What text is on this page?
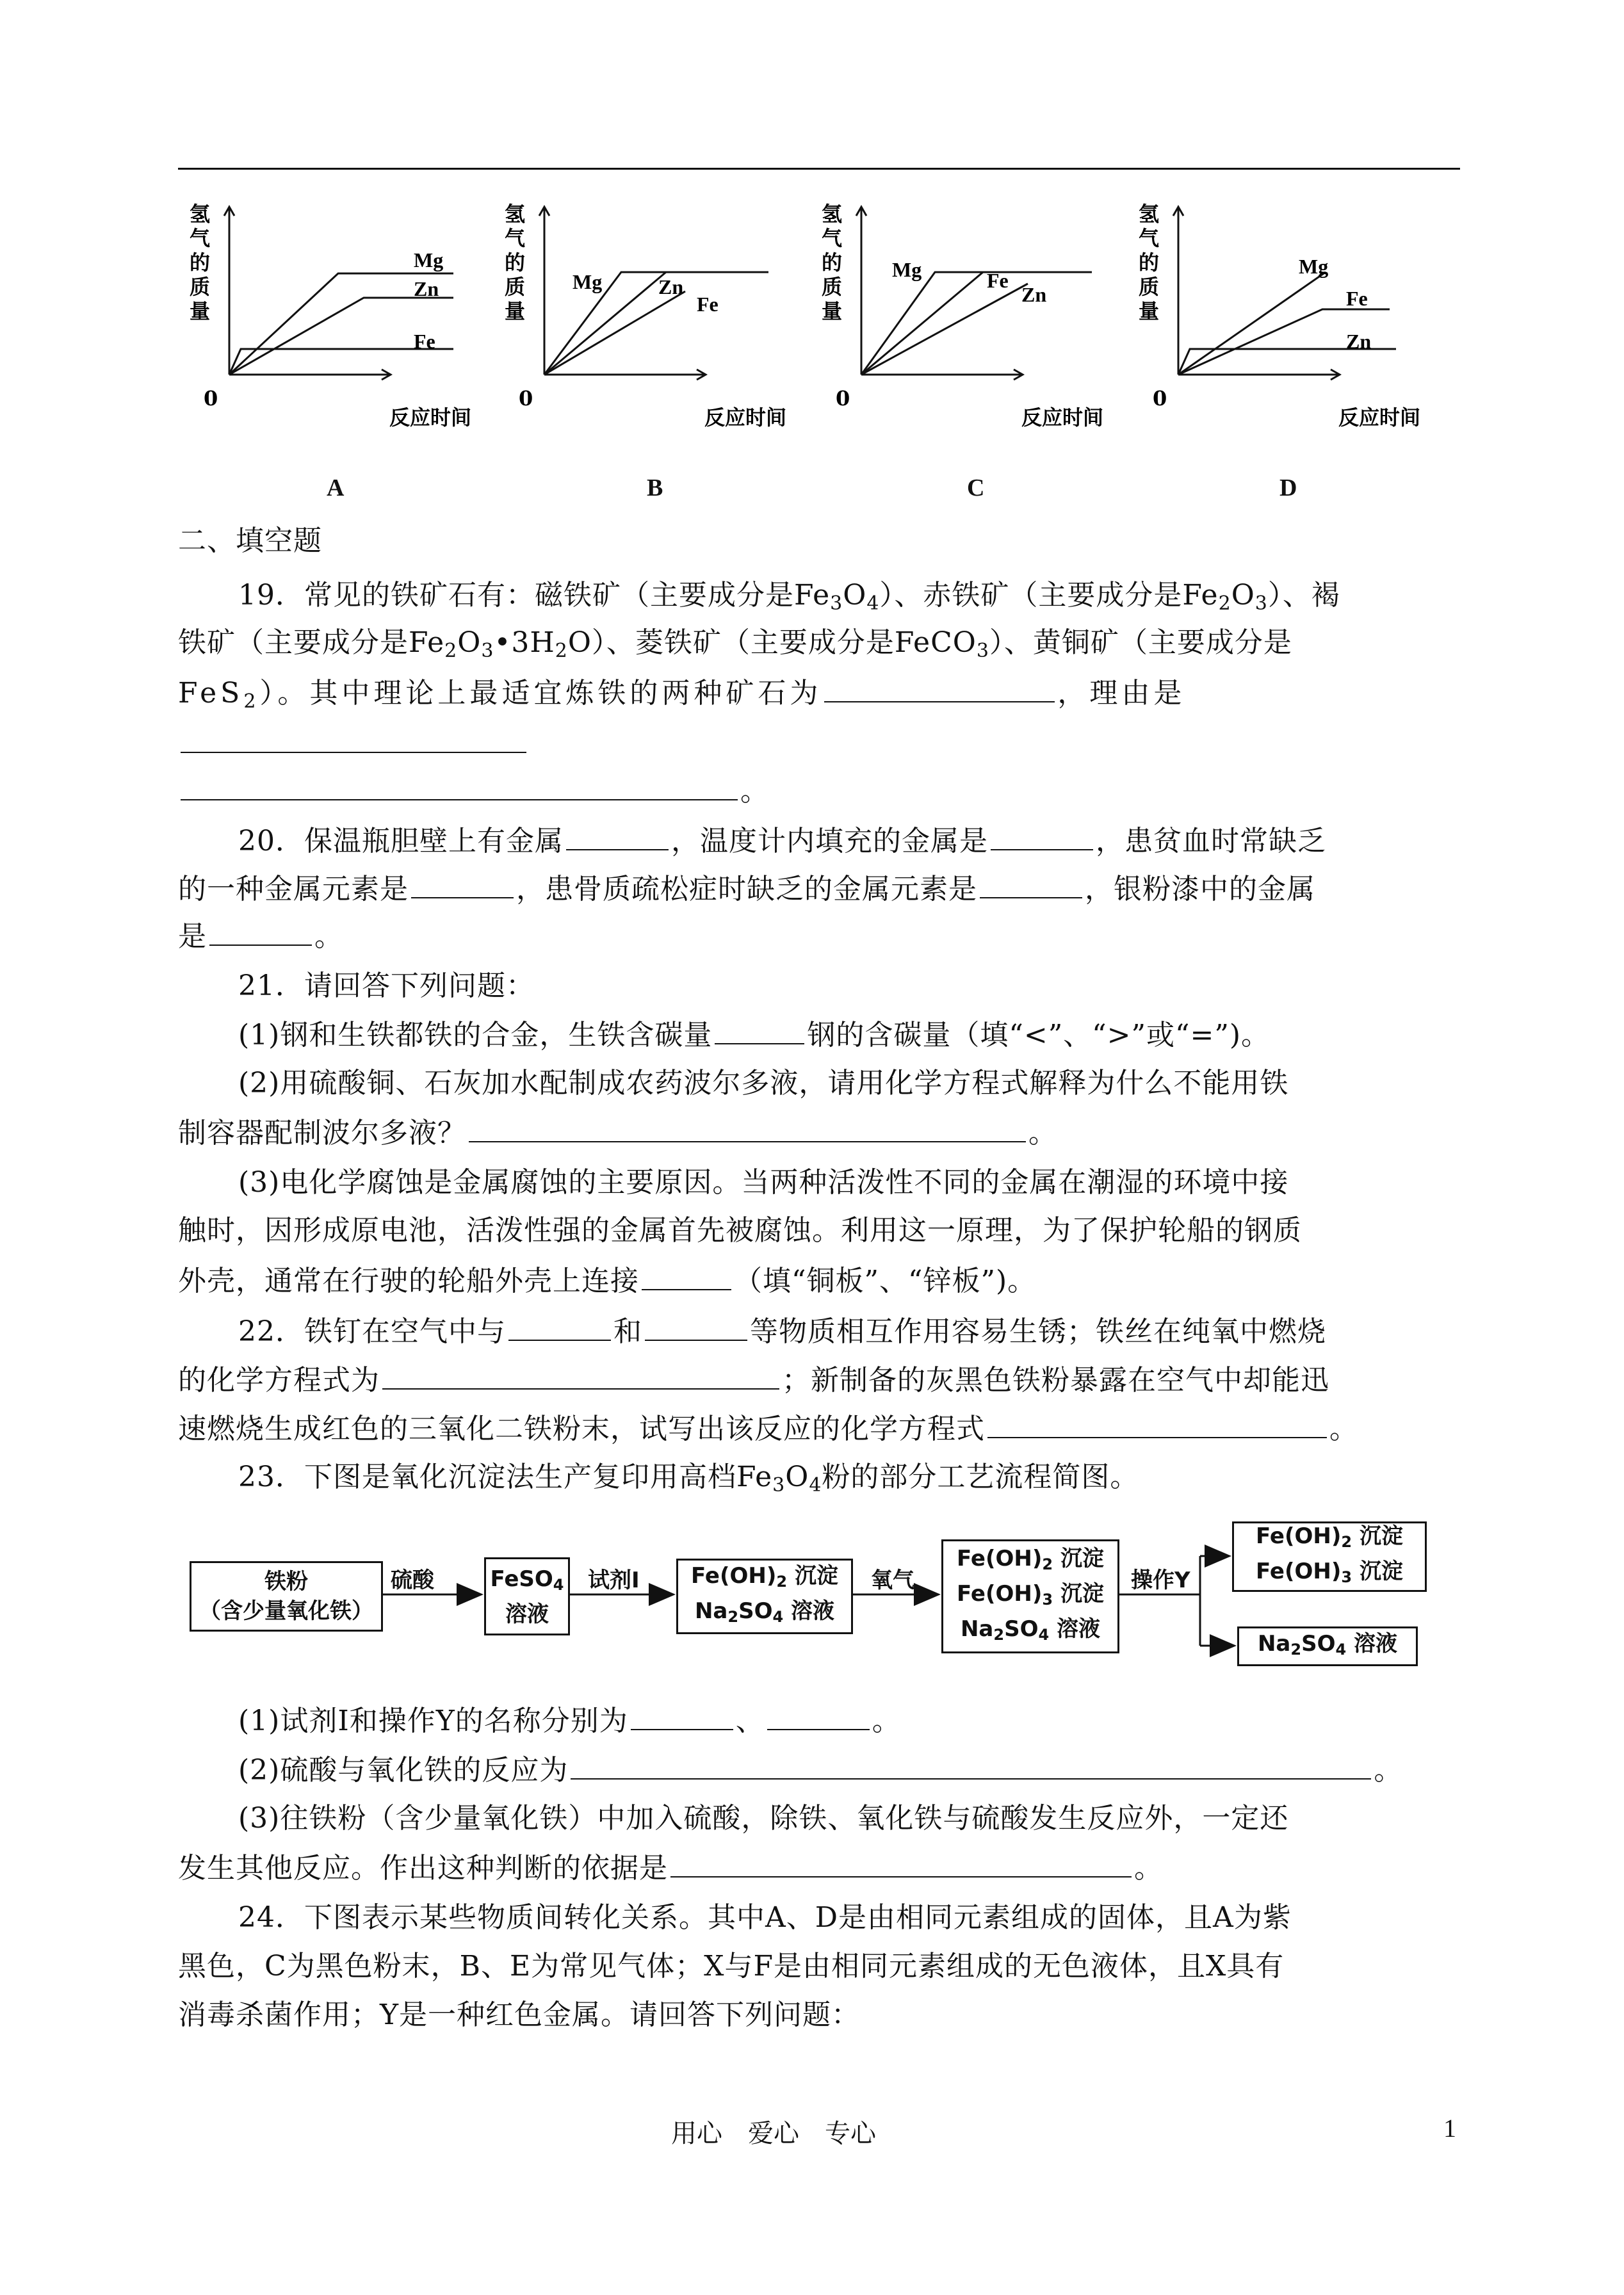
氢
气
的
质
量
0
反应时间
Mg
Zn
Fe
A
氢
气
的
质
量
0
反应时间
Mg	Zn
Fe
B
氢
气
的
质
量
0
反应时间
Mg	Fe
Zn
C
氢
气
的
质
量
0
反应时间
Mg
Fe
Zn
D
二、填空题
19．常见的铁矿石有：磁铁矿（主要成分是$Fe_3O_4$）、赤铁矿（主要成分是$Fe_2O_3$）、褐
铁矿（主要成分是$Fe_2O_3•3H_2O$）、菱铁矿（主要成分是FeCO$_3$）、黄铜矿（主要成分是
FeS$_2$）。其中理论上最适宜炼铁的两种矿石为	，理由是
。
20．保温瓶胆壁上有金属	，温度计内填充的金属是	，患贫血时常缺乏
的一种金属元素是	，患骨质疏松症时缺乏的金属元素是	，银粉漆中的金属
是	。
21．请回答下列问题：
(1)钢和生铁都铁的合金，生铁含碳量	钢的含碳量（填“<”、“>”或“=”)。
(2)用硫酸铜、石灰加水配制成农药波尔多液，请用化学方程式解释为什么不能用铁
制容器配制波尔多液？	。
(3)电化学腐蚀是金属腐蚀的主要原因。当两种活泼性不同的金属在潮湿的环境中接
触时，因形成原电池，活泼性强的金属首先被腐蚀。利用这一原理，为了保护轮船的钢质
外壳，通常在行驶的轮船外壳上连接	（填“铜板”、“锌板”)。
22．铁钉在空气中与	和	等物质相互作用容易生锈；铁丝在纯氧中燃烧
的化学方程式为	；新制备的灰黑色铁粉暴露在空气中却能迅
速燃烧生成红色的三氧化二铁粉末，试写出该反应的化学方程式	。
23．下图是氧化沉淀法生产复印用高档$Fe_3O_4$粉的部分工艺流程简图。
铁粉
（含少量氧化铁）
FeSO4
溶液
Fe(OH)2 沉淀
Na2SO4 溶液
Fe(OH)2 沉淀
Fe(OH)3 沉淀
Na2SO4 溶液
Fe(OH)2 沉淀
Fe(OH)3 沉淀
Na2SO4 溶液
硫酸	试剂Ⅰ	氧气	操作Y
(1)试剂Ⅰ和操作Y的名称分别为	、	。
(2)硫酸与氧化铁的反应为	。
(3)往铁粉（含少量氧化铁）中加入硫酸，除铁、氧化铁与硫酸发生反应外，一定还
发生其他反应。作出这种判断的依据是	。
24．下图表示某些物质间转化关系。其中A、D是由相同元素组成的固体，且A为紫
黑色，C为黑色粉末，B、E为常见气体；X与F是由相同元素组成的无色液体，且X具有
消毒杀菌作用；Y是一种红色金属。请回答下列问题：
用心　爱心　专心	1
